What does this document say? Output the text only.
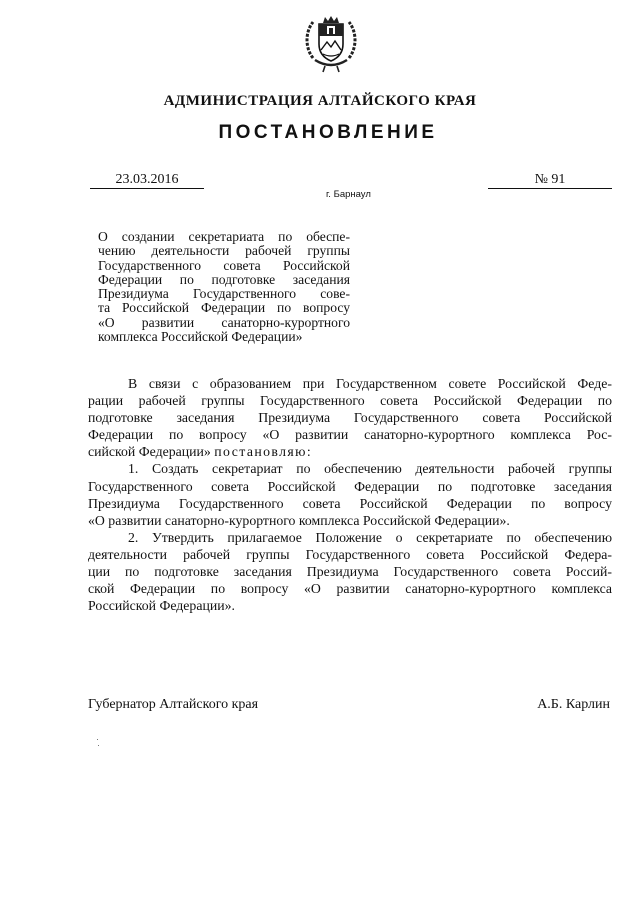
АДМИНИСТРАЦИЯ АЛТАЙСКОГО КРАЯ
ПОСТАНОВЛЕНИЕ
23.03.2016	№ 91
г. Барнаул
О создании секретариата по обеспе-
чению деятельности рабочей группы
Государственного совета Российской
Федерации по подготовке заседания
Президиума Государственного сове-
та Российской Федерации по вопросу
«О развитии санаторно-курортного
комплекса Российской Федерации»
В связи с образованием при Государственном совете Российской Феде-
рации рабочей группы Государственного совета Российской Федерации по
подготовке заседания Президиума Государственного совета Российской
Федерации по вопросу «О развитии санаторно-курортного комплекса Рос-
сийской Федерации» постановляю:
1. Создать секретариат по обеспечению деятельности рабочей группы
Государственного совета Российской Федерации по подготовке заседания
Президиума Государственного совета Российской Федерации по вопросу
«О развитии санаторно-курортного комплекса Российской Федерации».
2. Утвердить прилагаемое Положение о секретариате по обеспечению
деятельности рабочей группы Государственного совета Российской Федера-
ции по подготовке заседания Президиума Государственного совета Россий-
ской Федерации по вопросу «О развитии санаторно-курортного комплекса
Российской Федерации».
Губернатор Алтайского края	А.Б. Карлин
